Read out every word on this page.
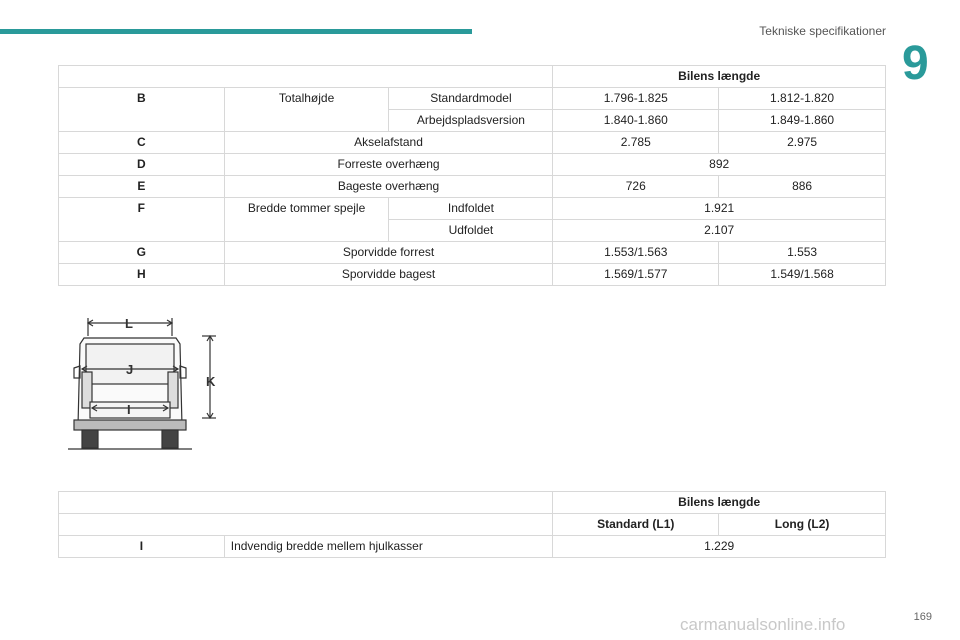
Tekniske specifikationer
9
			Bilens længde	
B	Totalhøjde	Standardmodel	1.796-1.825	1.812-1.820
		Arbejdspladsversion	1.840-1.860	1.849-1.860
C	Akselafstand		2.785	2.975
D	Forreste overhæng		892	
E	Bageste overhæng		726	886
F	Bredde tommer spejle	Indfoldet	1.921	
		Udfoldet	2.107	
G	Sporvidde forrest		1.553/1.563	1.553
H	Sporvidde bagest		1.569/1.577	1.549/1.568
L
J
I
K
		Bilens længde	
		Standard (L1)	Long (L2)
I	Indvendig bredde mellem hjulkasser	1.229	
169
carmanualsonline.info
